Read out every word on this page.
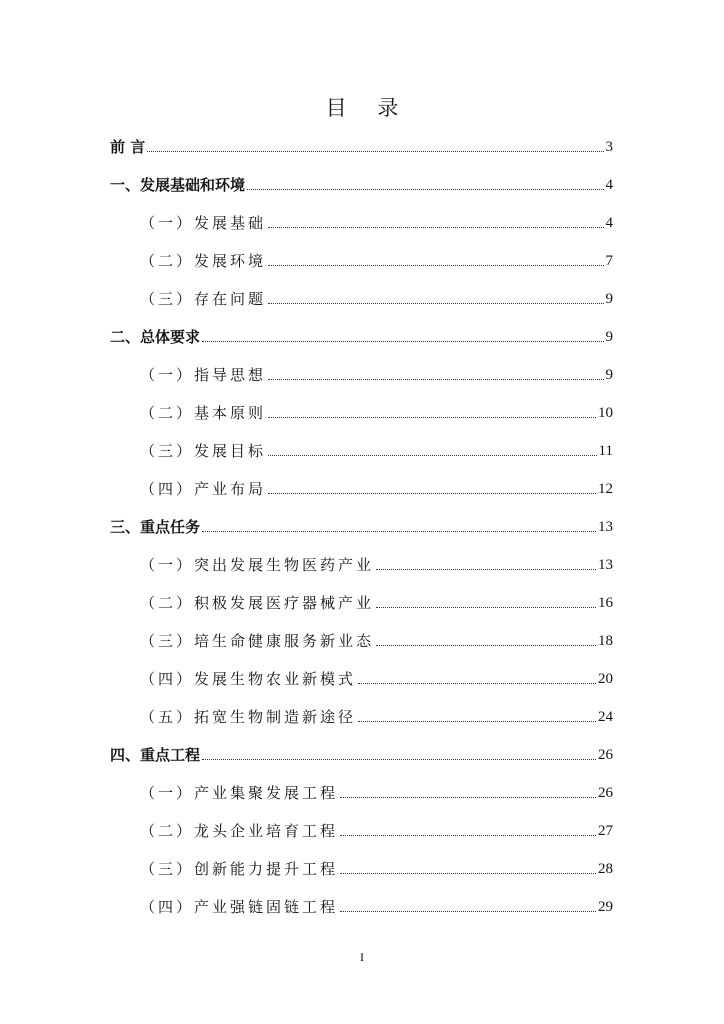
目 录
前 言	3
一、发展基础和环境	4
（一）发展基础	4
（二）发展环境	7
（三）存在问题	9
二、总体要求	9
（一）指导思想	9
（二）基本原则	10
（三）发展目标	11
（四）产业布局	12
三、重点任务	13
（一）突出发展生物医药产业	13
（二）积极发展医疗器械产业	16
（三）培生命健康服务新业态	18
（四）发展生物农业新模式	20
（五）拓宽生物制造新途径	24
四、重点工程	26
（一）产业集聚发展工程	26
（二）龙头企业培育工程	27
（三）创新能力提升工程	28
（四）产业强链固链工程	29
I
